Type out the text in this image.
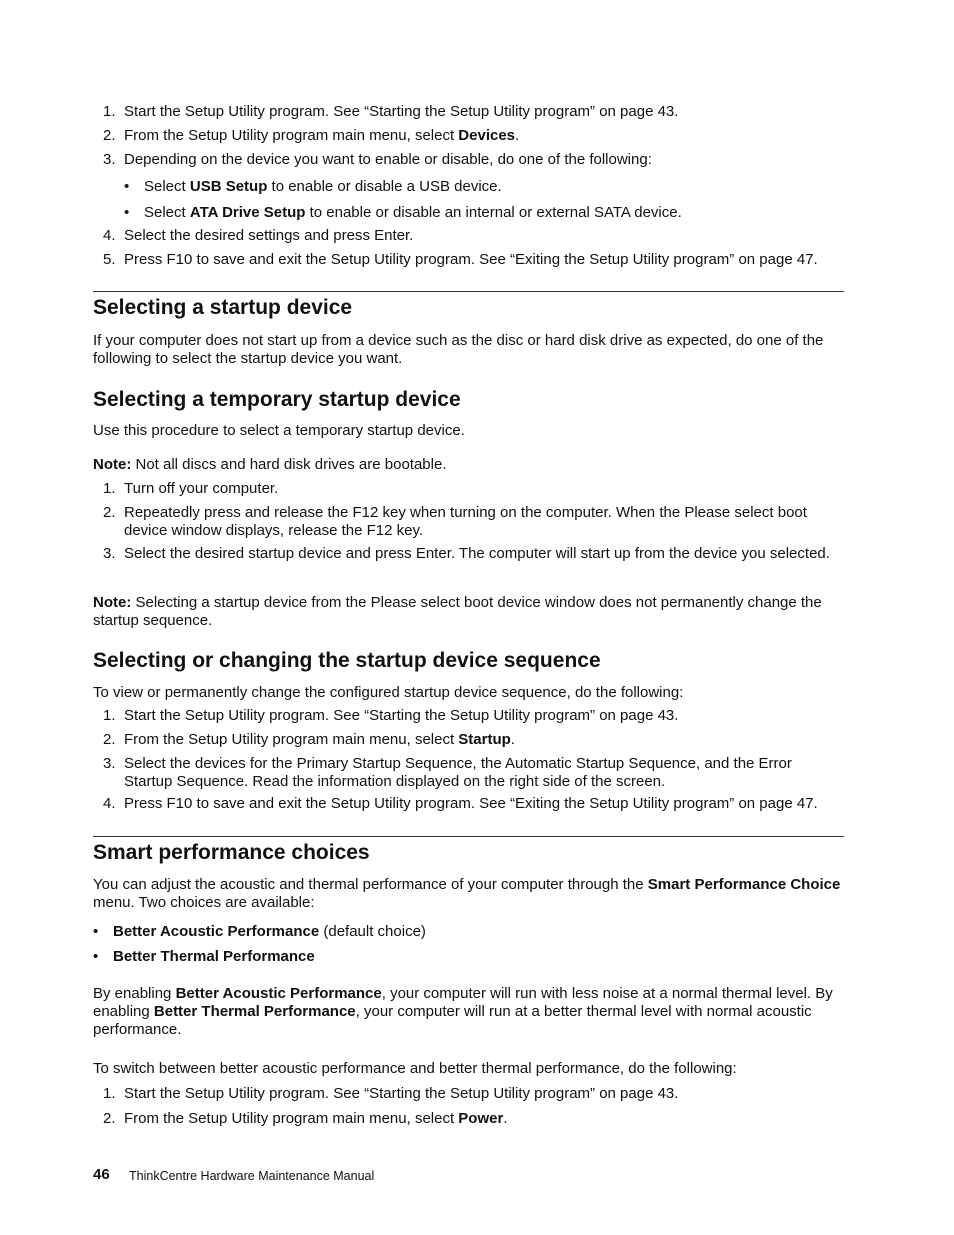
1. Start the Setup Utility program. See “Starting the Setup Utility program” on page 43.
2. From the Setup Utility program main menu, select Devices.
3. Depending on the device you want to enable or disable, do one of the following:
• Select USB Setup to enable or disable a USB device.
• Select ATA Drive Setup to enable or disable an internal or external SATA device.
4. Select the desired settings and press Enter.
5. Press F10 to save and exit the Setup Utility program. See “Exiting the Setup Utility program” on page 47.
Selecting a startup device
If your computer does not start up from a device such as the disc or hard disk drive as expected, do one of the following to select the startup device you want.
Selecting a temporary startup device
Use this procedure to select a temporary startup device.
Note: Not all discs and hard disk drives are bootable.
1. Turn off your computer.
2. Repeatedly press and release the F12 key when turning on the computer. When the Please select boot device window displays, release the F12 key.
3. Select the desired startup device and press Enter. The computer will start up from the device you selected.
Note: Selecting a startup device from the Please select boot device window does not permanently change the startup sequence.
Selecting or changing the startup device sequence
To view or permanently change the configured startup device sequence, do the following:
1. Start the Setup Utility program. See “Starting the Setup Utility program” on page 43.
2. From the Setup Utility program main menu, select Startup.
3. Select the devices for the Primary Startup Sequence, the Automatic Startup Sequence, and the Error Startup Sequence. Read the information displayed on the right side of the screen.
4. Press F10 to save and exit the Setup Utility program. See “Exiting the Setup Utility program” on page 47.
Smart performance choices
You can adjust the acoustic and thermal performance of your computer through the Smart Performance Choice menu. Two choices are available:
• Better Acoustic Performance (default choice)
• Better Thermal Performance
By enabling Better Acoustic Performance, your computer will run with less noise at a normal thermal level. By enabling Better Thermal Performance, your computer will run at a better thermal level with normal acoustic performance.
To switch between better acoustic performance and better thermal performance, do the following:
1. Start the Setup Utility program. See “Starting the Setup Utility program” on page 43.
2. From the Setup Utility program main menu, select Power.
46 ThinkCentre Hardware Maintenance Manual
